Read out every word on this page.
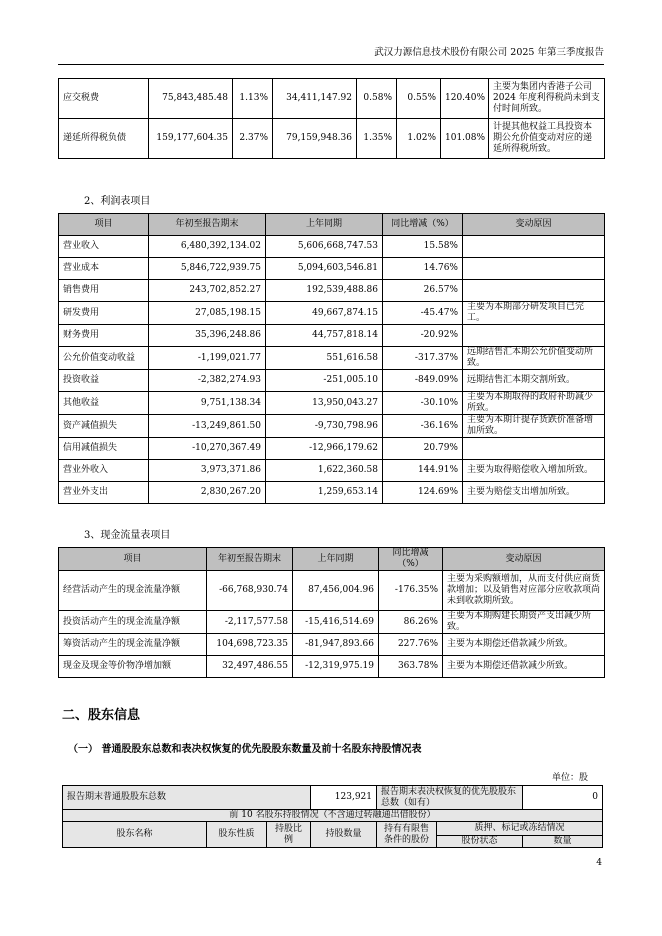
武汉力源信息技术股份有限公司 2025 年第三季度报告
应交税费	75,843,485.48	1.13%	34,411,147.92	0.58%	0.55%	120.40%	主要为集团内香港子公司 2024 年度利得税尚未到支付时间所致。
递延所得税负债	159,177,604.35	2.37%	79,159,948.36	1.35%	1.02%	101.08%	计提其他权益工具投资本期公允价值变动对应的递延所得税所致。
2、利润表项目
项目	年初至报告期末	上年同期	同比增减（%）	变动原因
营业收入	6,480,392,134.02	5,606,668,747.53	15.58%	
营业成本	5,846,722,939.75	5,094,603,546.81	14.76%	
销售费用	243,702,852.27	192,539,488.86	26.57%	
研发费用	27,085,198.15	49,667,874.15	-45.47%	主要为本期部分研发项目已完工。
财务费用	35,396,248.86	44,757,818.14	-20.92%	
公允价值变动收益	-1,199,021.77	551,616.58	-317.37%	远期结售汇本期公允价值变动所致。
投资收益	-2,382,274.93	-251,005.10	-849.09%	远期结售汇本期交割所致。
其他收益	9,751,138.34	13,950,043.27	-30.10%	主要为本期取得的政府补助减少所致。
资产减值损失	-13,249,861.50	-9,730,798.96	-36.16%	主要为本期计提存货跌价准备增加所致。
信用减值损失	-10,270,367.49	-12,966,179.62	20.79%	
营业外收入	3,973,371.86	1,622,360.58	144.91%	主要为取得赔偿收入增加所致。
营业外支出	2,830,267.20	1,259,653.14	124.69%	主要为赔偿支出增加所致。
3、现金流量表项目
项目	年初至报告期末	上年同期	同比增减（%）	变动原因
经营活动产生的现金流量净额	-66,768,930.74	87,456,004.96	-176.35%	主要为采购额增加，从而支付供应商货款增加；以及销售对应部分应收款项尚未到收款期所致。
投资活动产生的现金流量净额	-2,117,577.58	-15,416,514.69	86.26%	主要为本期购建长期资产支出减少所致。
筹资活动产生的现金流量净额	104,698,723.35	-81,947,893.66	227.76%	主要为本期偿还借款减少所致。
现金及现金等价物净增加额	32,497,486.55	-12,319,975.19	363.78%	主要为本期偿还借款减少所致。
二、股东信息
（一） 普通股股东总数和表决权恢复的优先股股东数量及前十名股东持股情况表
单位：股
报告期末普通股股东总数			123,921	报告期末表决权恢复的优先股股东总数（如有）		0
前 10 名股东持股情况（不含通过转融通出借股份）						
股东名称	股东性质	持股比例	持股数量	持有有限售条件的股份	质押、标记或冻结情况	
					股份状态	数量
4
